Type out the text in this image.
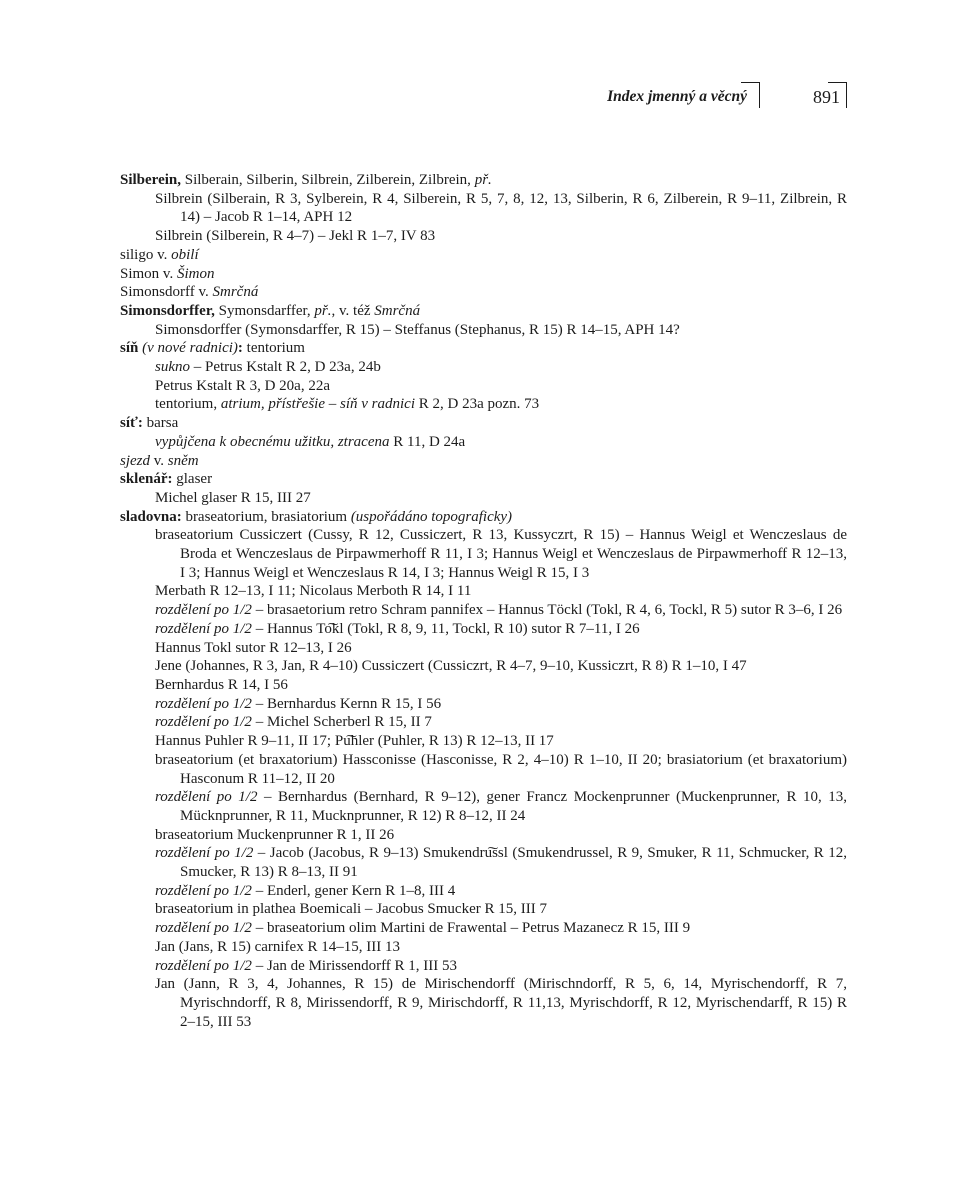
Index jmenný a věcný	891
Silberein, Silberain, Silberin, Silbrein, Zilberein, Zilbrein, př.
Silbrein (Silberain, R 3, Sylberein, R 4, Silberein, R 5, 7, 8, 12, 13, Silberin, R 6, Zilberein, R 9–11, Zilbrein, R 14) – Jacob R 1–14, APH 12
Silbrein (Silberein, R 4–7) – Jekl R 1–7, IV 83
siligo v. obilí
Simon v. Šimon
Simonsdorff v. Smrčná
Simonsdorffer, Symonsdarffer, př., v. též Smrčná
Simonsdorffer (Symonsdarffer, R 15) – Steffanus (Stephanus, R 15) R 14–15, APH 14?
síň (v nové radnici): tentorium
sukno – Petrus Kstalt R 2, D 23a, 24b
Petrus Kstalt R 3, D 20a, 22a
tentorium, atrium, přístřešie – síň v radnici R 2, D 23a pozn. 73
síť: barsa
vypůjčena k obecnému užitku, ztracena R 11, D 24a
sjezd v. sněm
sklenář: glaser
Michel glaser R 15, III 27
sladovna: braseatorium, brasiatorium (uspořádáno topograficky)
braseatorium Cussiczert (Cussy, R 12, Cussiczert, R 13, Kussyczrt, R 15) – Hannus Weigl et Wenczeslaus de Broda et Wenczeslaus de Pirpawmerhoff R 11, I 3; Hannus Weigl et Wenczeslaus de Pirpawmerhoff R 12–13, I 3; Hannus Weigl et Wenczeslaus R 14, I 3; Hannus Weigl R 15, I 3
Merbath R 12–13, I 11; Nicolaus Merboth R 14, I 11
rozdělení po 1/2 – brasaetorium retro Schram pannifex – Hannus Töckl (Tokl, R 4, 6, Tockl, R 5) sutor R 3–6, I 26
rozdělení po 1/2 – Hannus To͠kl (Tokl, R 8, 9, 11, Tockl, R 10) sutor R 7–11, I 26
Hannus Tokl sutor R 12–13, I 26
Jene (Johannes, R 3, Jan, R 4–10) Cussiczert (Cussiczrt, R 4–7, 9–10, Kussiczrt, R 8) R 1–10, I 47
Bernhardus R 14, I 56
rozdělení po 1/2 – Bernhardus Kernn R 15, I 56
rozdělení po 1/2 – Michel Scherberl R 15, II 7
Hannus Puhler R 9–11, II 17; Pu͠hler (Puhler, R 13) R 12–13, II 17
braseatorium (et braxatorium) Hassconisse (Hasconisse, R 2, 4–10) R 1–10, II 20; brasiatorium (et braxatorium) Hasconum R 11–12, II 20
rozdělení po 1/2 – Bernhardus (Bernhard, R 9–12), gener Francz Mockenprunner (Muckenprunner, R 10, 13, Mücknprunner, R 11, Mucknprunner, R 12) R 8–12, II 24
braseatorium Muckenprunner R 1, II 26
rozdělení po 1/2 – Jacob (Jacobus, R 9–13) Smukendru͠ssl (Smukendrussel, R 9, Smuker, R 11, Schmucker, R 12, Smucker, R 13) R 8–13, II 91
rozdělení po 1/2 – Enderl, gener Kern R 1–8, III 4
braseatorium in plathea Boemicali – Jacobus Smucker R 15, III 7
rozdělení po 1/2 – braseatorium olim Martini de Frawental – Petrus Mazanecz R 15, III 9
Jan (Jans, R 15) carnifex R 14–15, III 13
rozdělení po 1/2 – Jan de Mirissendorff R 1, III 53
Jan (Jann, R 3, 4, Johannes, R 15) de Mirischendorff (Mirischndorff, R 5, 6, 14, Myrischendorff, R 7, Myrischndorff, R 8, Mirissendorff, R 9, Mirischdorff, R 11,13, Myrischdorff, R 12, Myrischendarff, R 15) R 2–15, III 53
